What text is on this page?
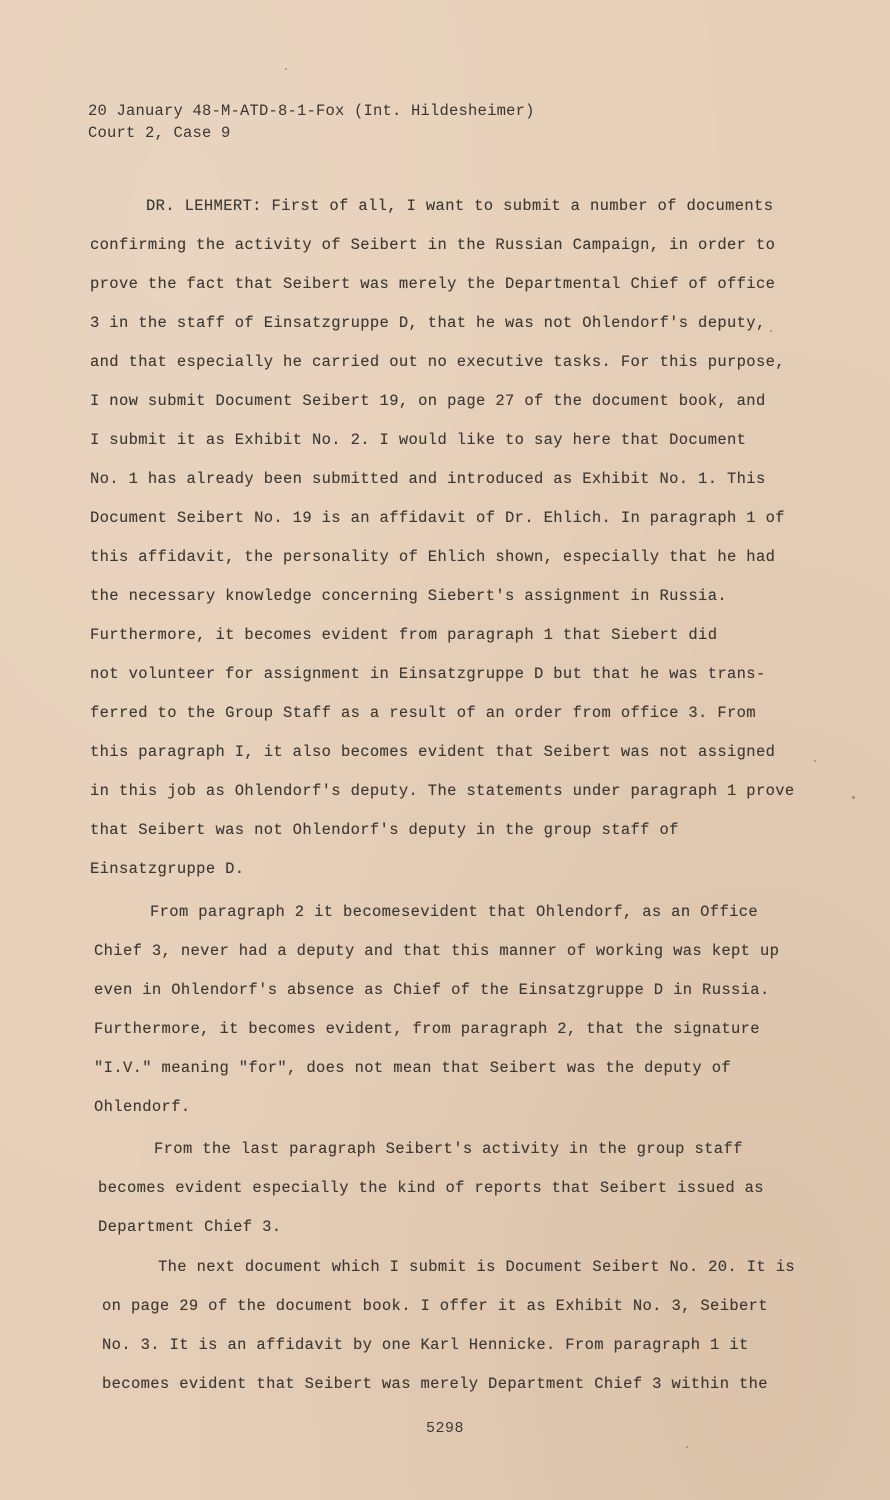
20 January 48-M-ATD-8-1-Fox (Int. Hildesheimer)
Court 2, Case 9
DR. LEHMERT: First of all, I want to submit a number of documents
confirming the activity of Seibert in the Russian Campaign, in order to
prove the fact that Seibert was merely the Departmental Chief of office
3 in the staff of Einsatzgruppe D, that he was not Ohlendorf's deputy,
and that especially he carried out no executive tasks. For this purpose,
I now submit Document Seibert 19, on page 27 of the document book, and
I submit it as Exhibit No. 2. I would like to say here that Document
No. 1 has already been submitted and introduced as Exhibit No. 1. This
Document Seibert No. 19 is an affidavit of Dr. Ehlich. In paragraph 1 of
this affidavit, the personality of Ehlich shown, especially that he had
the necessary knowledge concerning Siebert's assignment in Russia.
Furthermore, it becomes evident from paragraph 1 that Siebert did
not volunteer for assignment in Einsatzgruppe D but that he was trans-
ferred to the Group Staff as a result of an order from office 3. From
this paragraph I, it also becomes evident that Seibert was not assigned
in this job as Ohlendorf's deputy. The statements under paragraph 1 prove
that Seibert was not Ohlendorf's deputy in the group staff of
Einsatzgruppe D.
From paragraph 2 it becomesevident that Ohlendorf, as an Office
Chief 3, never had a deputy and that this manner of working was kept up
even in Ohlendorf's absence as Chief of the Einsatzgruppe D in Russia.
Furthermore, it becomes evident, from paragraph 2, that the signature
"I.V." meaning "for", does not mean that Seibert was the deputy of
Ohlendorf.
From the last paragraph Seibert's activity in the group staff
becomes evident especially the kind of reports that Seibert issued as
Department Chief 3.
The next document which I submit is Document Seibert No. 20. It is
on page 29 of the document book. I offer it as Exhibit No. 3, Seibert
No. 3. It is an affidavit by one Karl Hennicke. From paragraph 1 it
becomes evident that Seibert was merely Department Chief 3 within the
5298
